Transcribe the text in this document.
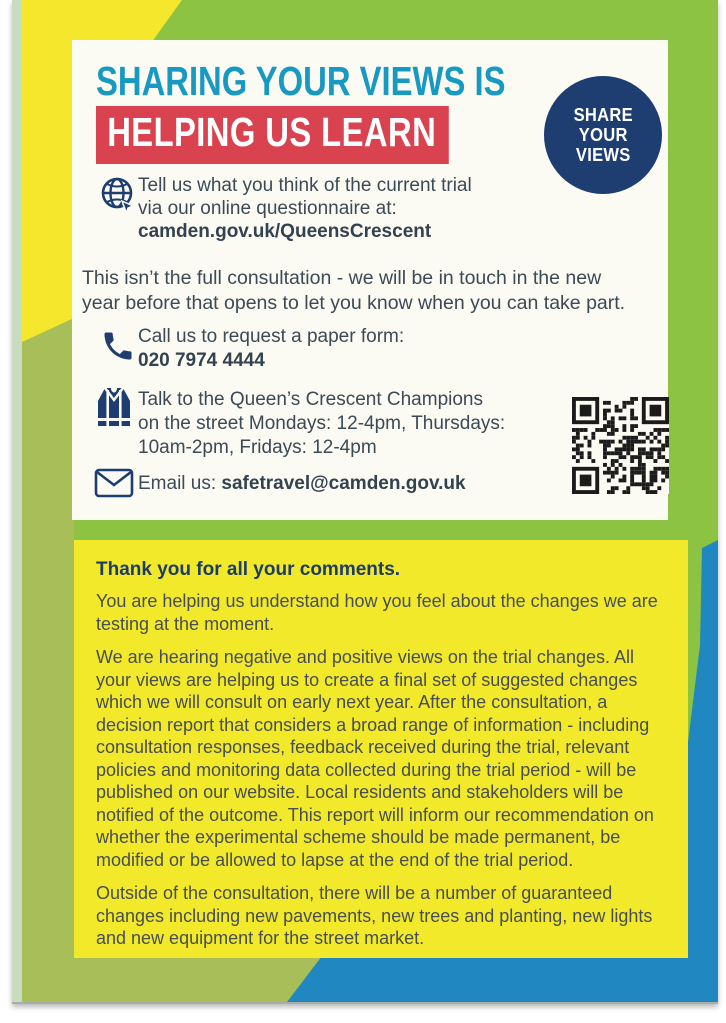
SHARING YOUR VIEWS IS
HELPING US LEARN	SHARE
YOUR
VIEWS
Tell us what you think of the current trial
via our online questionnaire at:
camden.gov.uk/QueensCrescent
This isn’t the full consultation - we will be in touch in the new
year before that opens to let you know when you can take part.
Call us to request a paper form:
020 7974 4444
Talk to the Queen’s Crescent Champions
on the street Mondays: 12-4pm, Thursdays:
10am-2pm, Fridays: 12-4pm
Email us: safetravel@camden.gov.uk
Thank you for all your comments.

You are helping us understand how you feel about the changes we are testing at the moment.

We are hearing negative and positive views on the trial changes. All your views are helping us to create a final set of suggested changes which we will consult on early next year. After the consultation, a decision report that considers a broad range of information - including consultation responses, feedback received during the trial, relevant policies and monitoring data collected during the trial period - will be published on our website. Local residents and stakeholders will be notified of the outcome. This report will inform our recommendation on whether the experimental scheme should be made permanent, be modified or be allowed to lapse at the end of the trial period.

Outside of the consultation, there will be a number of guaranteed changes including new pavements, new trees and planting, new lights and new equipment for the street market.
